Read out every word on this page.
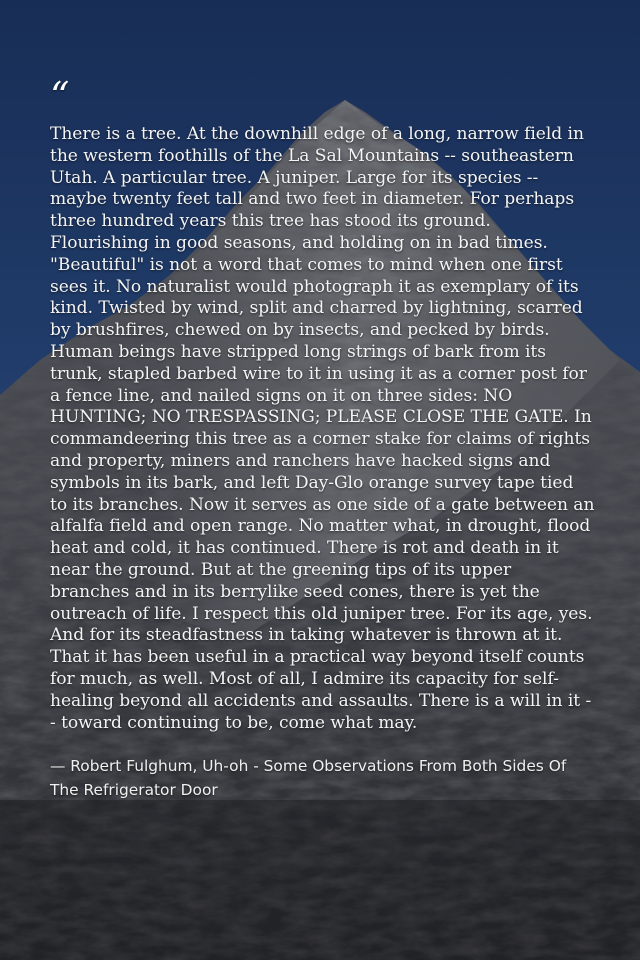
“

There is a tree. At the downhill edge of a long, narrow field in the western foothills of the La Sal Mountains -- southeastern Utah. A particular tree. A juniper. Large for its species -- maybe twenty feet tall and two feet in diameter. For perhaps three hundred years this tree has stood its ground. Flourishing in good seasons, and holding on in bad times. "Beautiful" is not a word that comes to mind when one first sees it. No naturalist would photograph it as exemplary of its kind. Twisted by wind, split and charred by lightning, scarred by brushfires, chewed on by insects, and pecked by birds. Human beings have stripped long strings of bark from its trunk, stapled barbed wire to it in using it as a corner post for a fence line, and nailed signs on it on three sides: NO HUNTING; NO TRESPASSING; PLEASE CLOSE THE GATE. In commandeering this tree as a corner stake for claims of rights and property, miners and ranchers have hacked signs and symbols in its bark, and left Day-Glo orange survey tape tied to its branches. Now it serves as one side of a gate between an alfalfa field and open range. No matter what, in drought, flood heat and cold, it has continued. There is rot and death in it near the ground. But at the greening tips of its upper branches and in its berrylike seed cones, there is yet the outreach of life. I respect this old juniper tree. For its age, yes. And for its steadfastness in taking whatever is thrown at it. That it has been useful in a practical way beyond itself counts for much, as well. Most of all, I admire its capacity for self-healing beyond all accidents and assaults. There is a will in it -- toward continuing to be, come what may.

— Robert Fulghum, Uh-oh - Some Observations From Both Sides Of The Refrigerator Door
